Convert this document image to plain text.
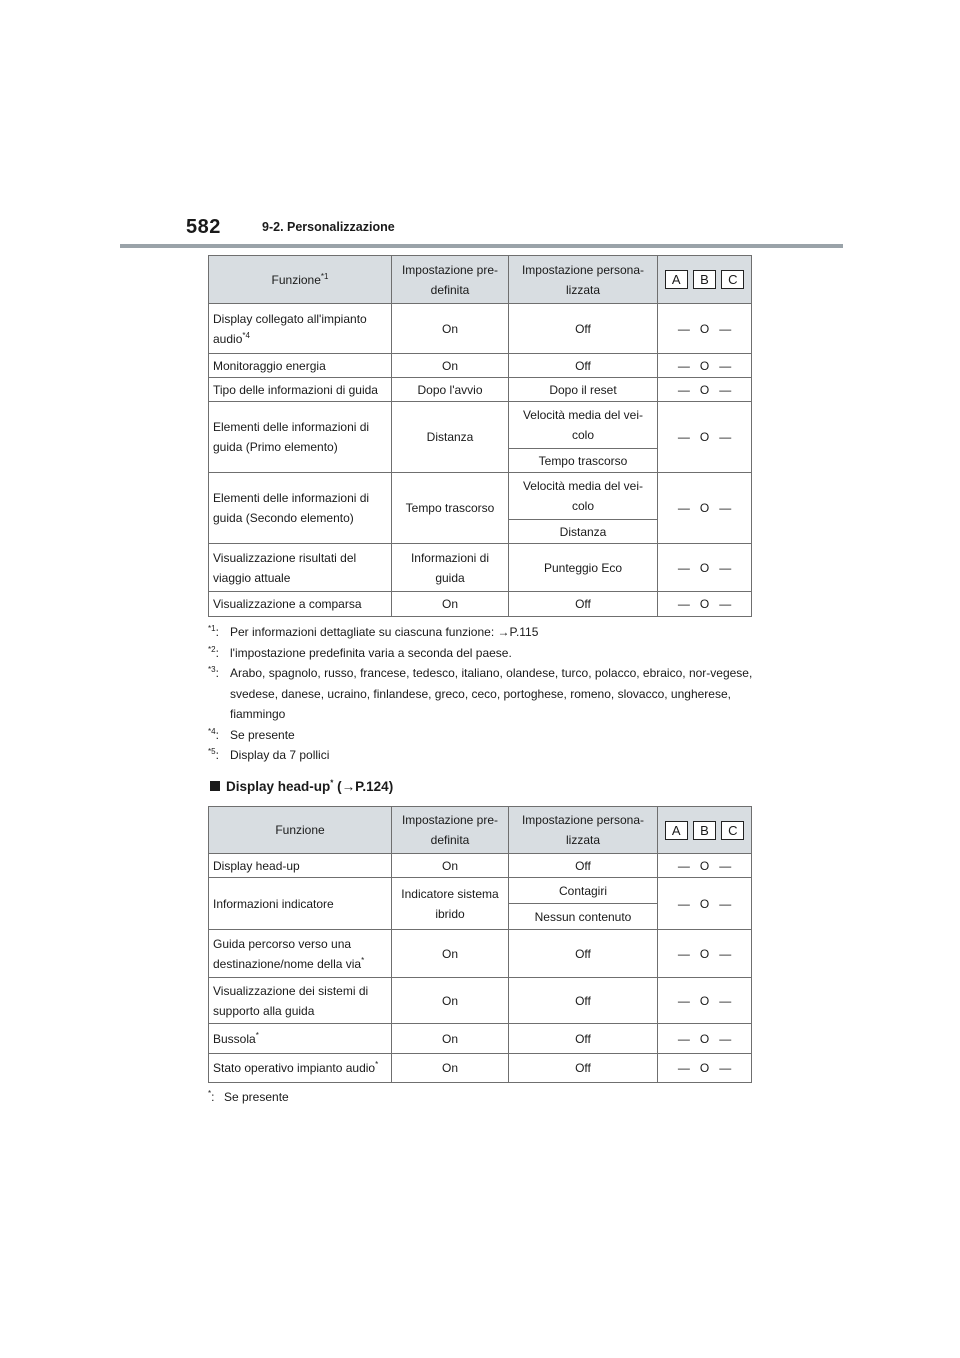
582	9-2. Personalizzazione
Funzione$^{*1}$	Impostazione pre-definita	Impostazione persona-lizzata	A B C

Display collegato all'impianto audio$^{*4}$	On	Off	— O —
Monitoraggio energia	On	Off	— O —
Tipo delle informazioni di guida	Dopo l'avvio	Dopo il reset	— O —
Elementi delle informazioni di guida (Primo elemento)	Distanza	Velocità media del vei-colo	— O —
		Tempo trascorso	
Elementi delle informazioni di guida (Secondo elemento)	Tempo trascorso	Velocità media del vei-colo	— O —
		Distanza	
Visualizzazione risultati del viaggio attuale	Informazioni di guida	Punteggio Eco	— O —
Visualizzazione a comparsa	On	Off	— O —
$^{*1}$: Per informazioni dettagliate su ciascuna funzione: →P.115
$^{*2}$: l'impostazione predefinita varia a seconda del paese.
$^{*3}$: Arabo, spagnolo, russo, francese, tedesco, italiano, olandese, turco, polacco, ebraico, nor-vegese, svedese, danese, ucraino, finlandese, greco, ceco, portoghese, romeno, slovacco, ungherese, fiammingo
$^{*4}$: Se presente
$^{*5}$: Display da 7 pollici
Display head-up* (→P.124)
Funzione	Impostazione pre-definita	Impostazione persona-lizzata	A B C

Display head-up	On	Off	— O —
Informazioni indicatore	Indicatore sistema ibrido	Contagiri	— O —
		Nessun contenuto	
Guida percorso verso una destinazione/nome della via*	On	Off	— O —
Visualizzazione dei sistemi di supporto alla guida	On	Off	— O —
Bussola*	On	Off	— O —
Stato operativo impianto audio*	On	Off	— O —
*: Se presente
